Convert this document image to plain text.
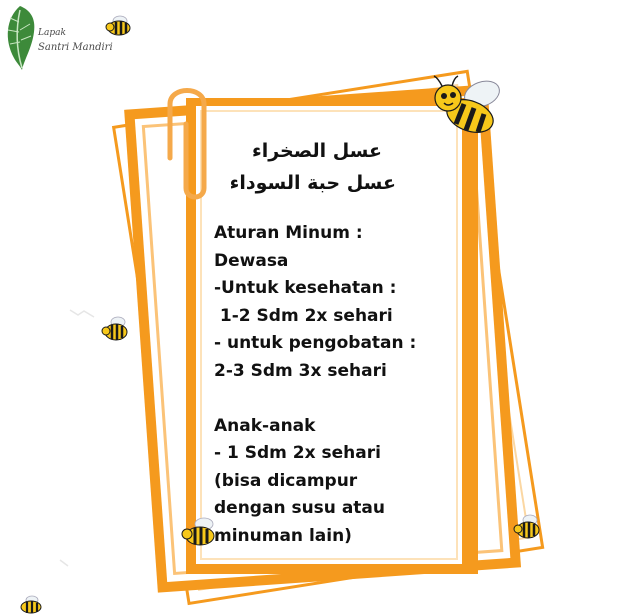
Lapak
Santri Mandiri
عسل الصخراء
عسل حبة السوداء
Aturan Minum :
Dewasa
-Untuk kesehatan :
1-2 Sdm 2x sehari
- untuk pengobatan :
2-3 Sdm 3x sehari

Anak-anak
- 1 Sdm 2x sehari
(bisa dicampur
dengan susu atau
minuman lain)
